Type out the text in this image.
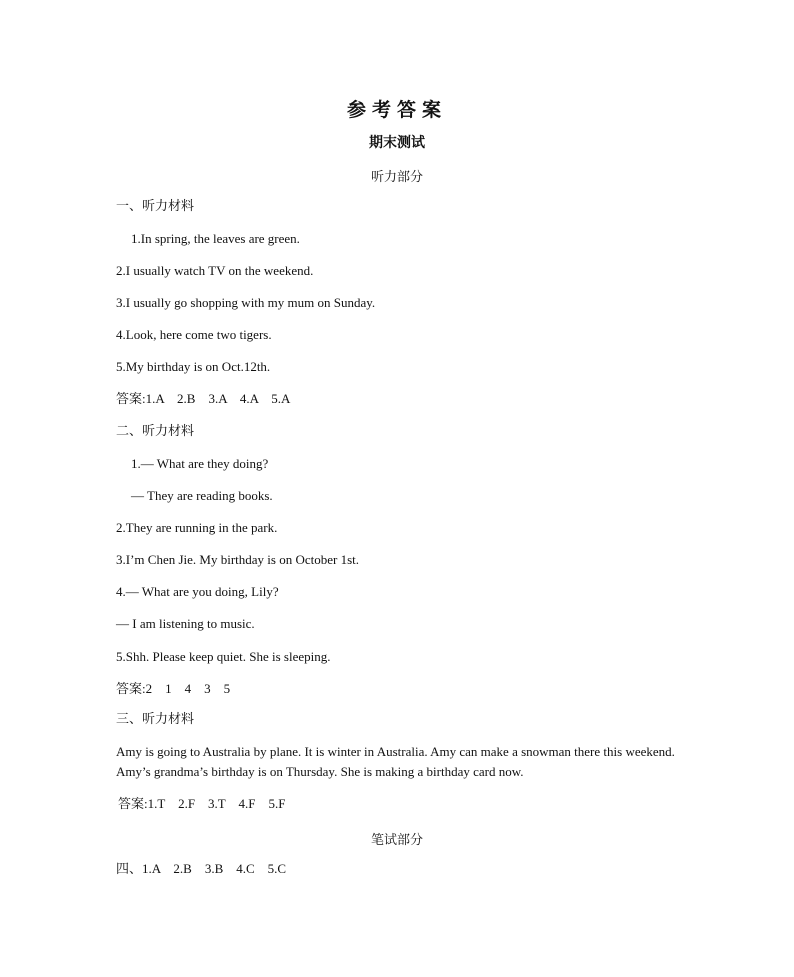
参考答案
期末测试
听力部分
一、听力材料
1.In spring, the leaves are green.
2.I usually watch TV on the weekend.
3.I usually go shopping with my mum on Sunday.
4.Look, here come two tigers.
5.My birthday is on Oct.12th.
答案:1.A    2.B    3.A    4.A    5.A
二、听力材料
1.— What are they doing?
— They are reading books.
2.They are running in the park.
3.I’m Chen Jie. My birthday is on October 1st.
4.— What are you doing, Lily?
— I am listening to music.
5.Shh. Please keep quiet. She is sleeping.
答案:2    1    4    3    5
三、听力材料
Amy is going to Australia by plane. It is winter in Australia. Amy can make a snowman there this weekend. Amy’s grandma’s birthday is on Thursday. She is making a birthday card now.
答案:1.T    2.F    3.T    4.F    5.F
笔试部分
四、1.A    2.B    3.B    4.C    5.C
